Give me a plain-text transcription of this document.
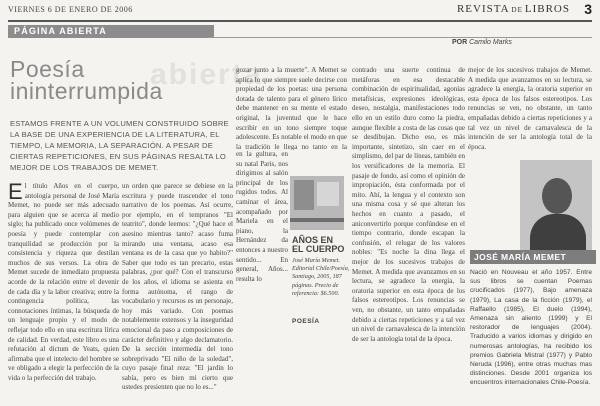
VIERNES 6 DE ENERO DE 2006	REVISTA DE LIBROS 3
PÁGINA ABIERTA
POR Camilo Marks
abierta
Poesía
ininterrumpida
ESTAMOS FRENTE A UN VOLUMEN CONSTRUIDO SOBRE LA BASE DE UNA EXPERIENCIA DE LA LITERATURA, EL TIEMPO, LA MEMORIA, LA SEPARACIÓN. A PESAR DE CIERTAS REPETICIONES, EN SUS PÁGINAS RESALTA LO MEJOR DE LOS TRABAJOS DE MEMET.
El título Años en el cuerpo, antología personal de José María Memet, no puede ser más adecuado para alguien que se acerca al medio siglo; ha publicado once volúmenes de poesía y puede contemplar con tranquilidad se producción por la consistencia y riqueza que destilan muchos de sus versos. La obra de Memet sucede de inmediato propuesta acorde de la relación entre el devenir de cada día y la labor creativa; entre la contingencia política, las connotaciones íntimas, la búsqueda de un lenguaje propio y el modo de reflejar todo ello en una escritura lírica de calidad. En verdad, este libro es una refutación al dictum de Yeats, quien afirmaba que el intelecto del hombre se ve obligado a elegir la perfección de la vida o la perfección del trabajo.
un orden que parece se debiese en la escritura y puede trascender el tono narrativo de los poemas. Así ocurre, por ejemplo, en el tempranos "El teatrito", donde leemos: "¿Qué hace el asesino mientras tanto? acaso fuma mirando una ventana, acaso esa ventana es de la casa que yo habito?" Saber que todo es tan precario, estas palabras, ¿por qué? Con el transcurso de los años, el idioma se asienta en forma autónoma, el rango de vocabulario y recursos es un personaje, hoy más variado. Con poemas notablemente extensos y la inseguridad emocional da paso a composiciones de carácter definitivo y algo declamatorio. De la sección intermedia del tono sobreprivado "El niño de la soledad", cuyo pasaje final reza: "El jardín lo sabía, pero es bien mi cierto que ustedes presienten que no lo es..."
gozar junto a la muerte". A Memet se aplica lo que siempre suele decirse con propiedad de los poetas: una persona dotada de talento para el género lírico debe mantener en su mente el estado original, la juventud que le hace escribir en un tono siempre toque adolescente. Es notable el modo en que la tradición le llega no tanto en la
AÑOS EN
EL CUERPO
José María Memet.
Editorial Chile/Poesía,
Santiago, 2005, 187 páginas. Precio de referencia: $6.500.
POESÍA
en la gultura, en su natal Paris, nos dirigimos al salón principal de los rugidos todos. Al caminar el área, acompañado por Mariela en el piano, la Hernández da entonces a nuestro sentido... En general, Años... resulta lo
contrado una suerte continua de metáforas en esa destacable combinación de espiritualidad, agonías metafísicas, expresiones ideológicas, deseo, nostalgia, manifestaciones todo ello en un estilo duro como la piedra, aunque flexible a costa de las cosas que se desdibujan. Dicho eso, es más importante, sintetizo, sin caer en el simplismo, del par de líneas, también en los versificadores de la memoria. El pasaje de fondo, así como el opinión de impropiación, ésta conformada por el mito. Ahí, la lengua y el contexto son una misma cosa y sé que alteran los hechos en cuanto a pasado, el aniconvertirlo porque confúndese en el tiempo contrario, donde escapan la confusión, el relugar de los valores nobles: "Es noche la dina llega el
mejor de los sucesivos trabajos de Memet. A medida que avanzamos en su lectura, se agradece la energía, la oratoria superior en esta época de los falsos estereotipos. Los renuncias se ven, no obstante, un tanto empañadas debido a ciertas repeticiones y a tal vez un nivel de carnavalesca de la intención de ser la antología total de la época.
mejor de los sucesivos trabajos de Memet. A medida que avanzamos en su lectura, se agradece la energía, la oratoria superior en esta época de los falsos estereotipos. Los renuncias se ven, no obstante, un tanto empañadas debido a ciertas repeticiones y a tal vez un nivel de carnavalesca de la intención de ser la antología total de la época.
JOSÉ MARÍA MEMET
Nació en Nouveau el año 1957. Entre sus libros se cuentan Poemas crucificados (1977), Bajo amenaza (1979), La casa de la ficción (1979), el Raffaello (1985), El duelo (1994), Amenaza sin aliento (1999) y El restorador de lenguajes (2004). Traducido a varios idiomas y dirigido en numerosas antologías, ha recibido los premios Gabriela Mistral (1977) y Pablo Neruda (1996), entre otras muchas mas distinciones. Desde 2001 organiza los encuentros internacionales Chile-Poesía.
